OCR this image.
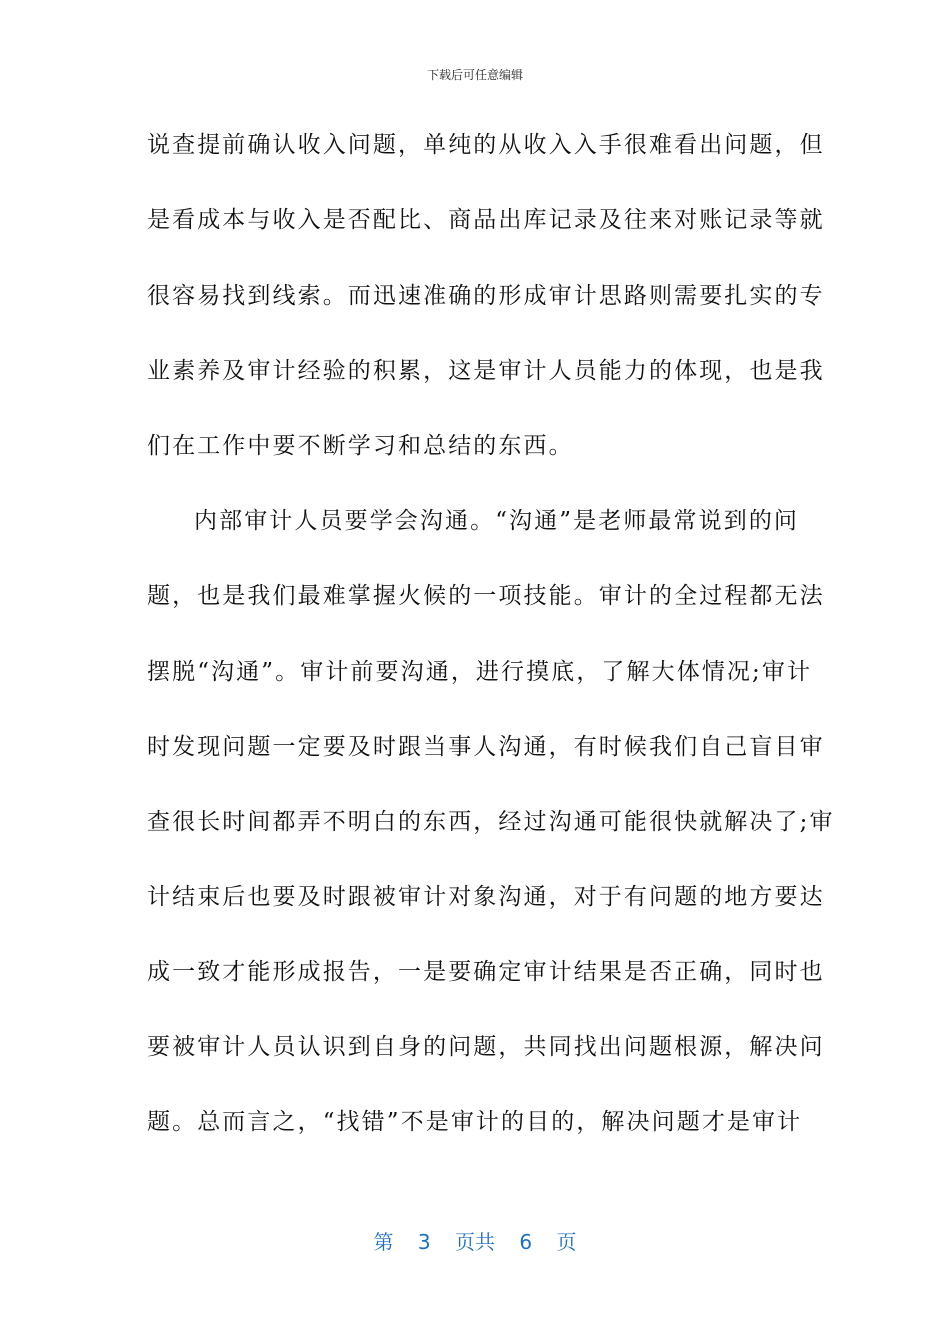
下载后可任意编辑
说查提前确认收入问题，单纯的从收入入手很难看出问题，但
是看成本与收入是否配比、商品出库记录及往来对账记录等就
很容易找到线索。而迅速准确的形成审计思路则需要扎实的专
业素养及审计经验的积累，这是审计人员能力的体现，也是我
们在工作中要不断学习和总结的东西。
内部审计人员要学会沟通。“沟通”是老师最常说到的问
题，也是我们最难掌握火候的一项技能。审计的全过程都无法
摆脱“沟通”。审计前要沟通，进行摸底，了解大体情况;审计
时发现问题一定要及时跟当事人沟通，有时候我们自己盲目审
查很长时间都弄不明白的东西，经过沟通可能很快就解决了;审
计结束后也要及时跟被审计对象沟通，对于有问题的地方要达
成一致才能形成报告，一是要确定审计结果是否正确，同时也
要被审计人员认识到自身的问题，共同找出问题根源，解决问
题。总而言之，“找错”不是审计的目的，解决问题才是审计
第 3 页共 6 页
